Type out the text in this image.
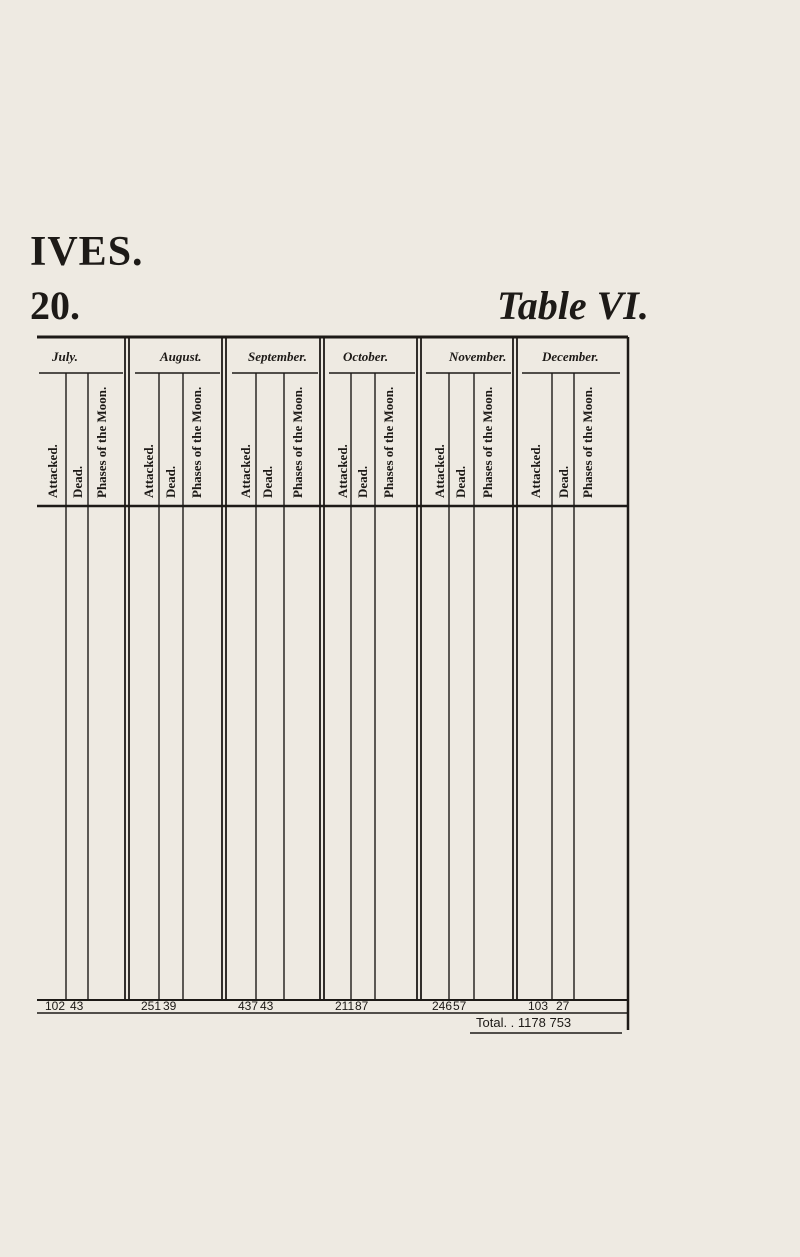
IVES.
20.	Table VI.
July.
Attacked. Dead. Phases of the Moon.
102 43
August.
Attacked. Dead. Phases of the Moon.
251 39
September.
Attacked. Dead. Phases of the Moon.
437 43
October.
Attacked. Dead. Phases of the Moon.
211 87
November.
Attacked. Dead. Phases of the Moon.
246 57
December.
Attacked. Dead. Phases of the Moon.
103 27
Total. . 1178 753
